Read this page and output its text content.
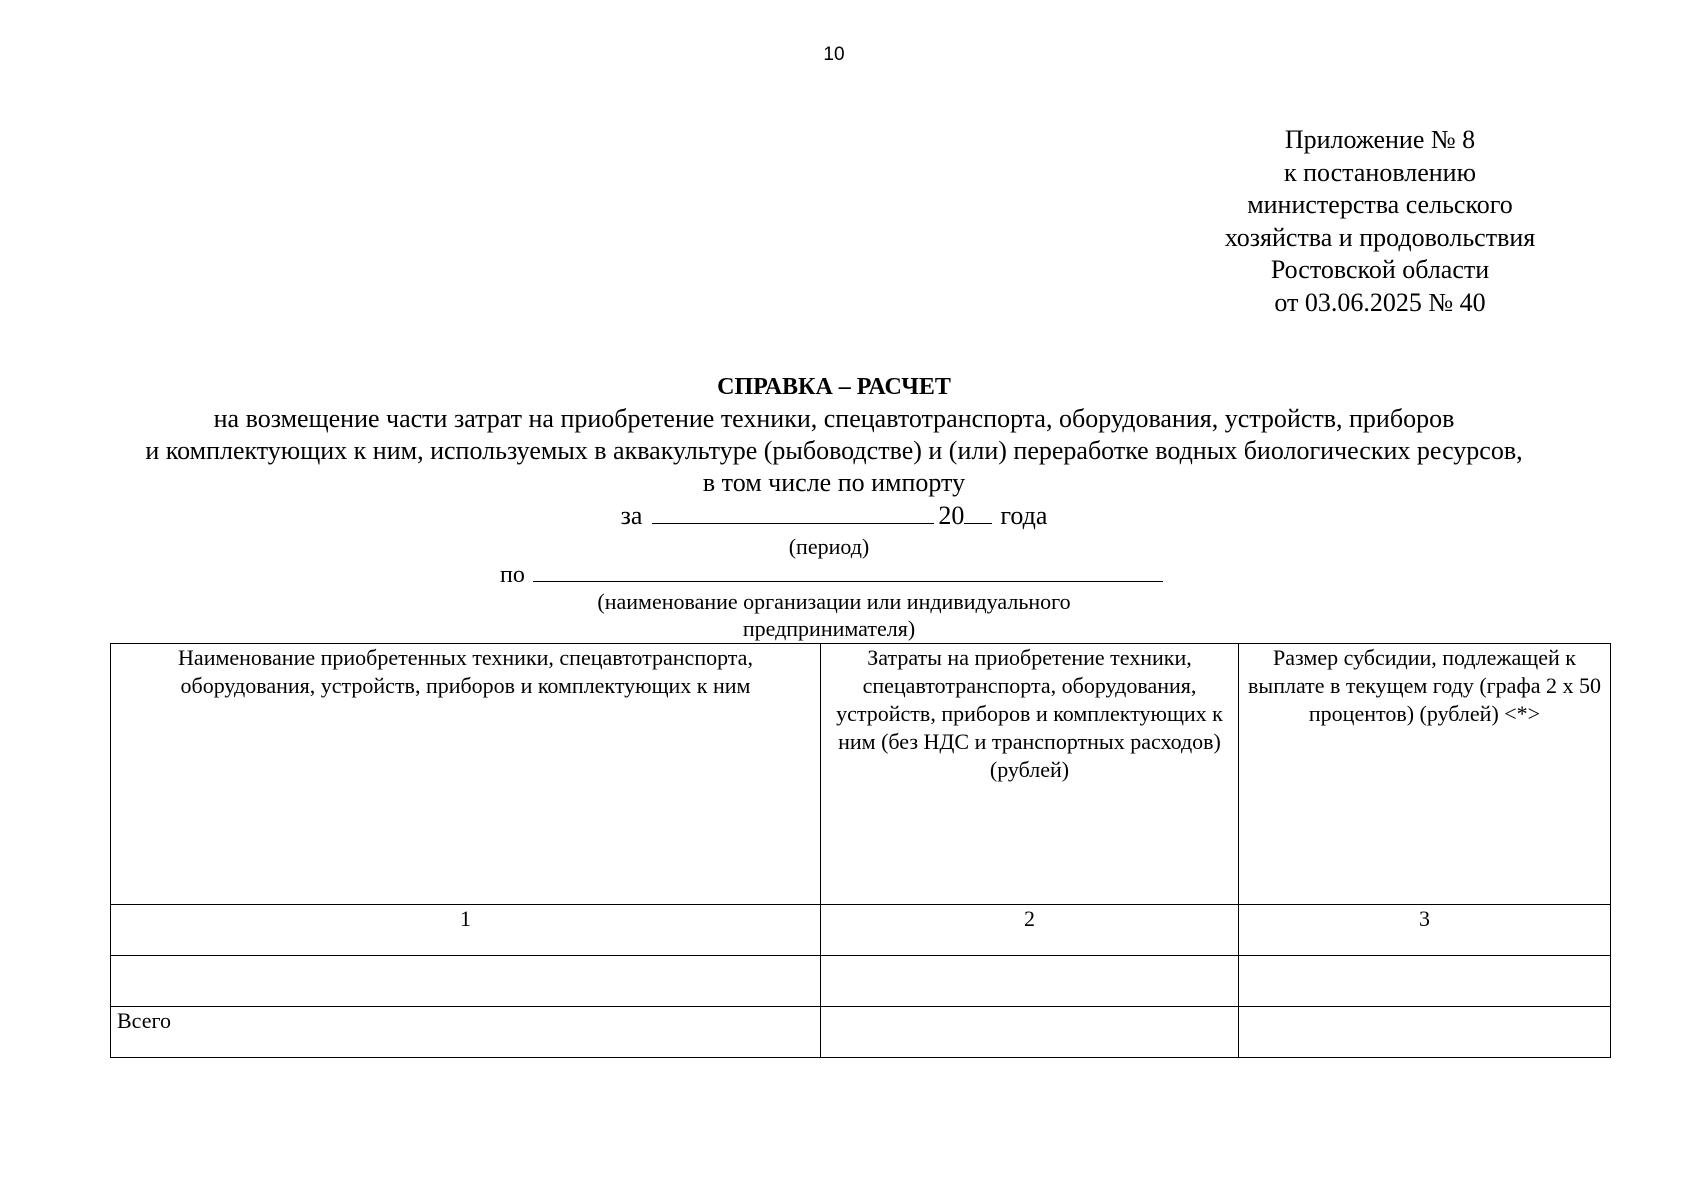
10
Приложение № 8
к постановлению
министерства сельского
хозяйства и продовольствия
Ростовской области
от 03.06.2025 № 40
СПРАВКА – РАСЧЕТ
на возмещение части затрат на приобретение техники, спецавтотранспорта, оборудования, устройств, приборов
и комплектующих к ним, используемых в аквакультуре (рыбоводстве) и (или) переработке водных биологических ресурсов,
в том числе по импорту
за	20 года
(период)
по
(наименование организации или индивидуального
предпринимателя)
Наименование приобретенных техники, спецавтотранспорта, оборудования, устройств, приборов и комплектующих к ним	Затраты на приобретение техники, спецавтотранспорта, оборудования, устройств, приборов и комплектующих к ним (без НДС и транспортных расходов) (рублей)	Размер субсидии, подлежащей к выплате в текущем году (графа 2 х 50 процентов) (рублей) <*>
1	2	3

Всего		
